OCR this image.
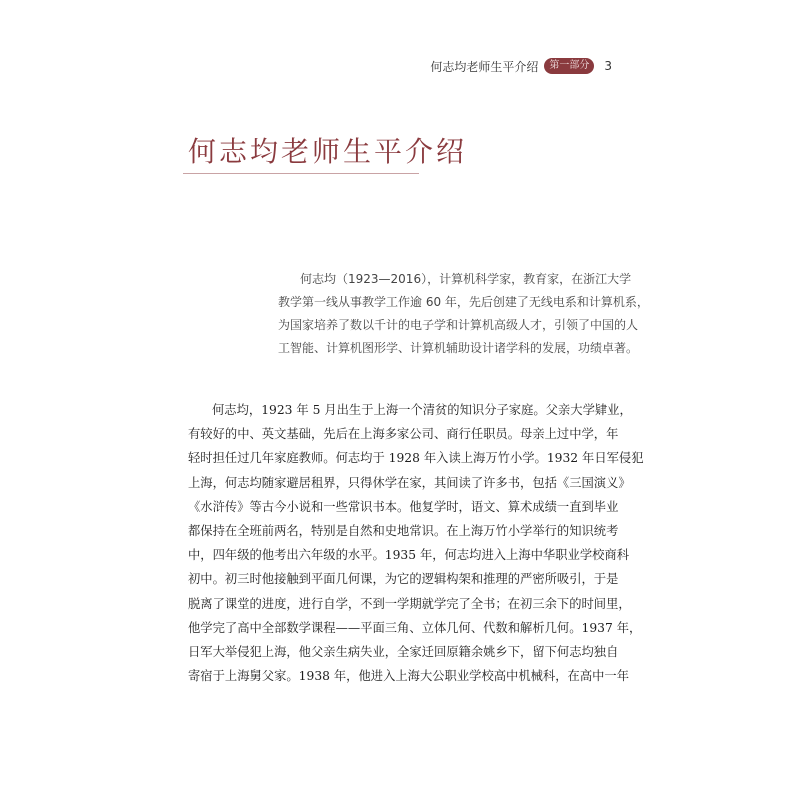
何志均老师生平介绍	第一部分	3
何志均老师生平介绍
何志均（1923—2016），计算机科学家，教育家，在浙江大学
教学第一线从事教学工作逾 60 年，先后创建了无线电系和计算机系，
为国家培养了数以千计的电子学和计算机高级人才，引领了中国的人
工智能、计算机图形学、计算机辅助设计诸学科的发展，功绩卓著。
何志均，1923 年 5 月出生于上海一个清贫的知识分子家庭。父亲大学肄业，
有较好的中、英文基础，先后在上海多家公司、商行任职员。母亲上过中学，年
轻时担任过几年家庭教师。何志均于 1928 年入读上海万竹小学。1932 年日军侵犯
上海，何志均随家避居租界，只得休学在家，其间读了许多书，包括《三国演义》
《水浒传》等古今小说和一些常识书本。他复学时，语文、算术成绩一直到毕业
都保持在全班前两名，特别是自然和史地常识。在上海万竹小学举行的知识统考
中，四年级的他考出六年级的水平。1935 年，何志均进入上海中华职业学校商科
初中。初三时他接触到平面几何课，为它的逻辑构架和推理的严密所吸引，于是
脱离了课堂的进度，进行自学，不到一学期就学完了全书；在初三余下的时间里，
他学完了高中全部数学课程——平面三角、立体几何、代数和解析几何。1937 年，
日军大举侵犯上海，他父亲生病失业，全家迁回原籍余姚乡下，留下何志均独自
寄宿于上海舅父家。1938 年，他进入上海大公职业学校高中机械科，在高中一年
